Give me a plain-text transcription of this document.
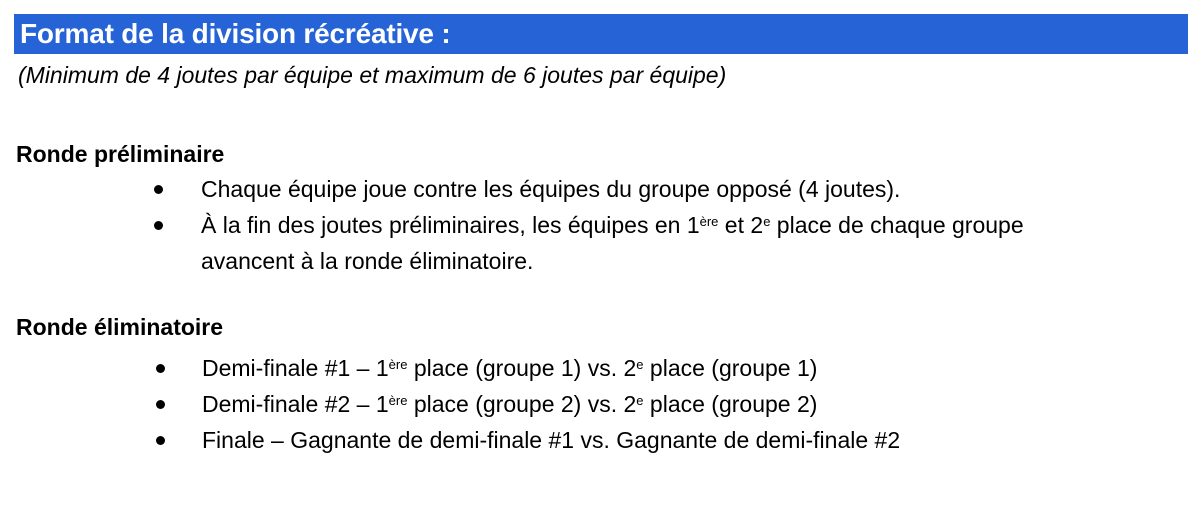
Format de la division récréative :
(Minimum de 4 joutes par équipe et maximum de 6 joutes par équipe)
Ronde préliminaire
Chaque équipe joue contre les équipes du groupe opposé (4 joutes).
À la fin des joutes préliminaires, les équipes en 1ère et 2e place de chaque groupe
avancent à la ronde éliminatoire.
Ronde éliminatoire
Demi-finale #1 – 1ère place (groupe 1) vs. 2e place (groupe 1)
Demi-finale #2 – 1ère place (groupe 2) vs. 2e place (groupe 2)
Finale – Gagnante de demi-finale #1 vs. Gagnante de demi-finale #2
